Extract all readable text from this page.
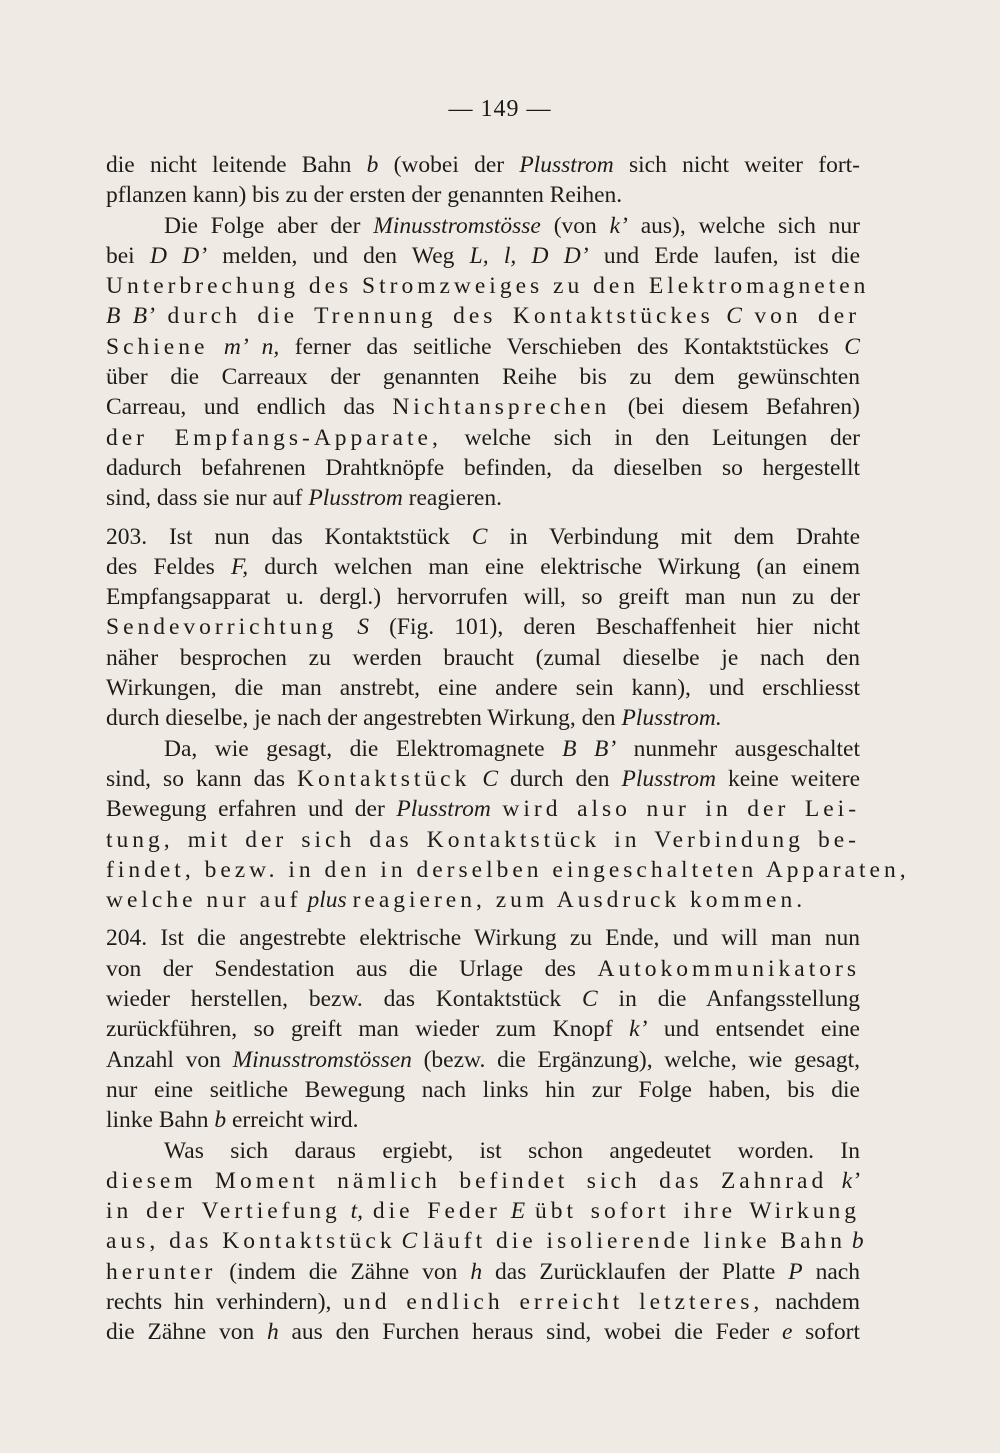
— 149 —
die nicht leitende Bahn b (wobei der Plusstrom sich nicht weiter fort-
pflanzen kann) bis zu der ersten der genannten Reihen.
Die Folge aber der Minusstromstösse (von k’ aus), welche sich nur
bei D D’ melden, und den Weg L, l, D D’ und Erde laufen, ist die
Unterbrechung des Stromzweiges zu den Elektromagneten
B B’ durch die Trennung des Kontaktstückes C von der
Schiene m’ n, ferner das seitliche Verschieben des Kontaktstückes C
über die Carreaux der genannten Reihe bis zu dem gewünschten
Carreau, und endlich das Nichtansprechen (bei diesem Befahren)
der Empfangs-Apparate, welche sich in den Leitungen der
dadurch befahrenen Drahtknöpfe befinden, da dieselben so hergestellt
sind, dass sie nur auf Plusstrom reagieren.
203. Ist nun das Kontaktstück C in Verbindung mit dem Drahte
des Feldes F, durch welchen man eine elektrische Wirkung (an einem
Empfangsapparat u. dergl.) hervorrufen will, so greift man nun zu der
Sendevorrichtung S (Fig. 101), deren Beschaffenheit hier nicht
näher besprochen zu werden braucht (zumal dieselbe je nach den
Wirkungen, die man anstrebt, eine andere sein kann), und erschliesst
durch dieselbe, je nach der angestrebten Wirkung, den Plusstrom.
Da, wie gesagt, die Elektromagnete B B’ nunmehr ausgeschaltet
sind, so kann das Kontaktstück C durch den Plusstrom keine weitere
Bewegung erfahren und der Plusstrom wird also nur in der Lei-
tung, mit der sich das Kontaktstück in Verbindung be-
findet, bezw. in den in derselben eingeschalteten Apparaten,
welche nur auf plus reagieren, zum Ausdruck kommen.
204. Ist die angestrebte elektrische Wirkung zu Ende, und will man nun
von der Sendestation aus die Urlage des Autokommunikators
wieder herstellen, bezw. das Kontaktstück C in die Anfangsstellung
zurückführen, so greift man wieder zum Knopf k’ und entsendet eine
Anzahl von Minusstromstössen (bezw. die Ergänzung), welche, wie gesagt,
nur eine seitliche Bewegung nach links hin zur Folge haben, bis die
linke Bahn b erreicht wird.
Was sich daraus ergiebt, ist schon angedeutet worden. In
diesem Moment nämlich befindet sich das Zahnrad k’
in der Vertiefung t, die Feder E übt sofort ihre Wirkung
aus, das Kontaktstück C läuft die isolierende linke Bahn b
herunter (indem die Zähne von h das Zurücklaufen der Platte P nach
rechts hin verhindern), und endlich erreicht letzteres, nachdem
die Zähne von h aus den Furchen heraus sind, wobei die Feder e sofort
